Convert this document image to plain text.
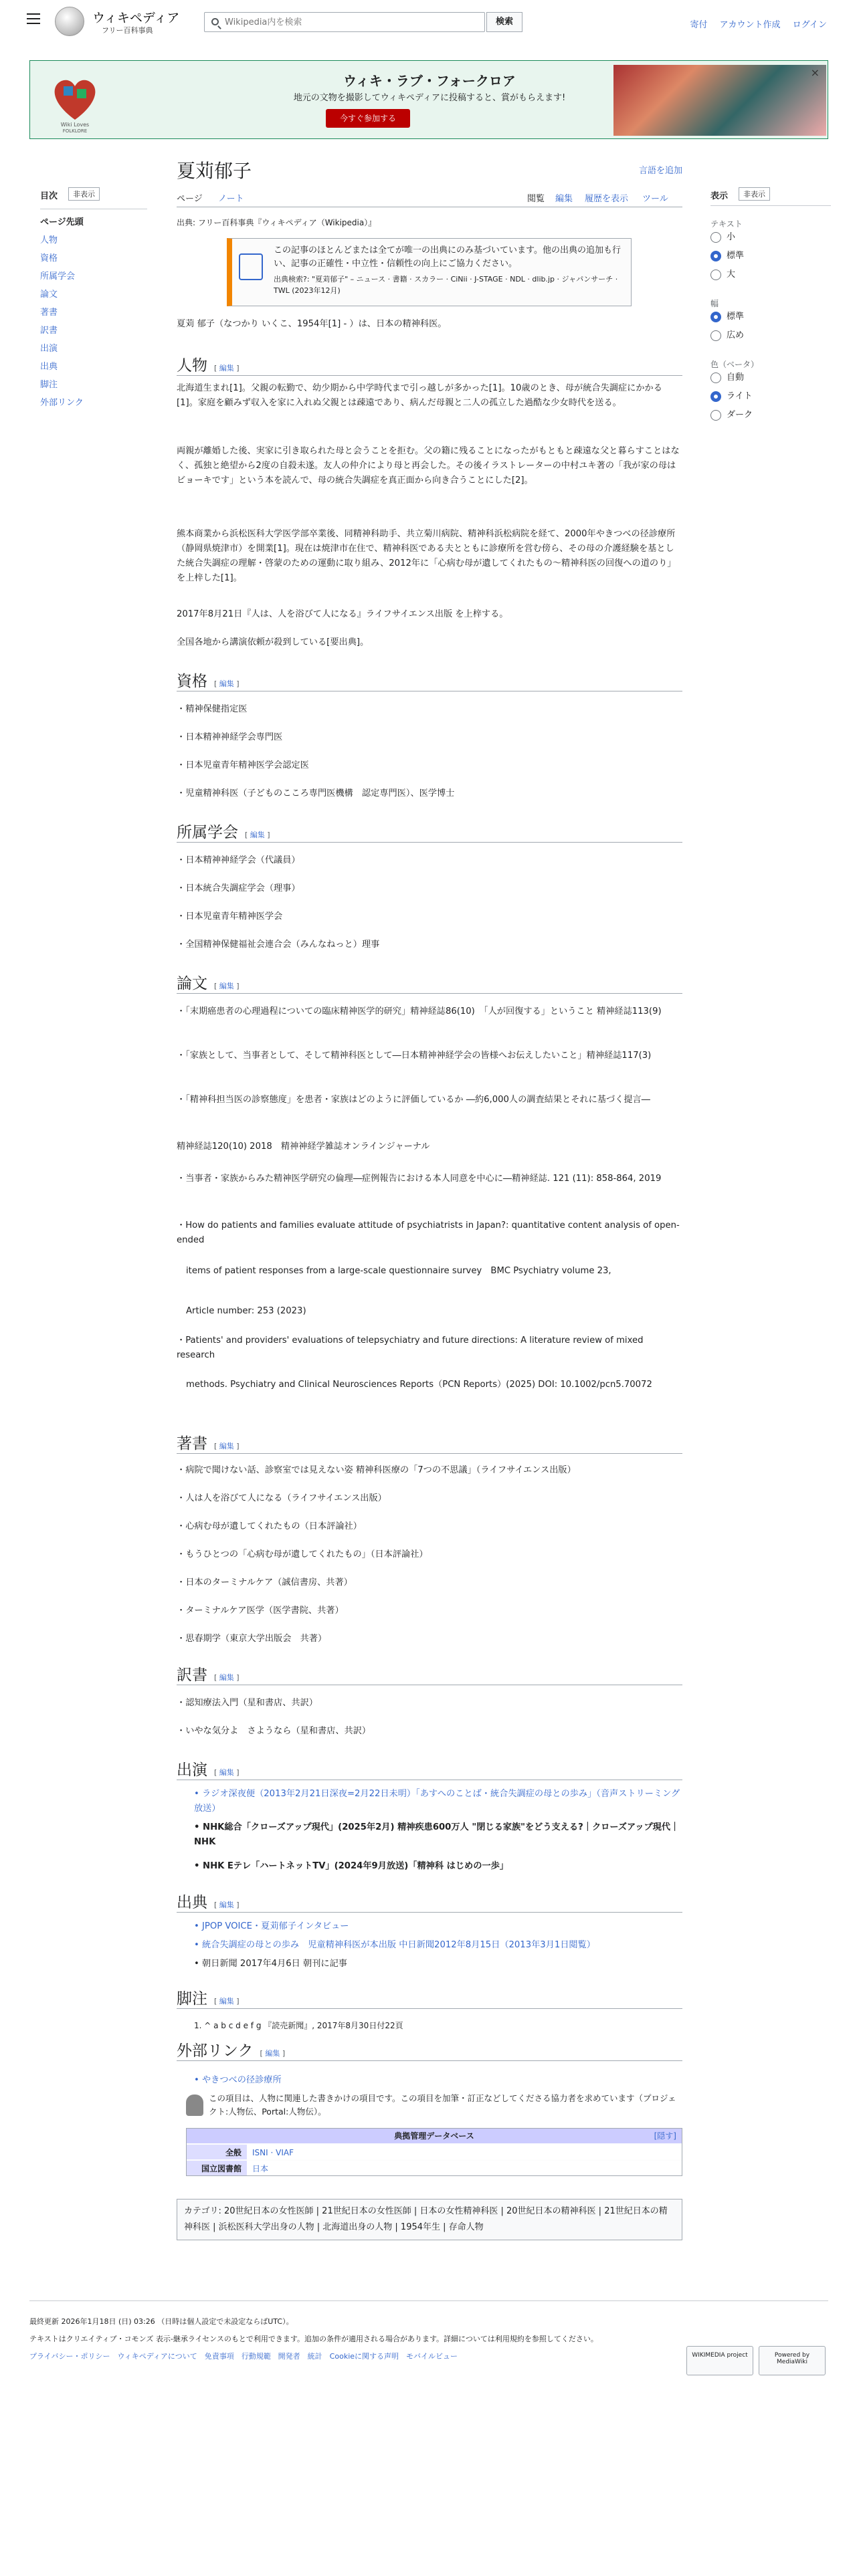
ウィキペディア
フリー百科事典
Wikipedia内を検索
検索	寄付 アカウント作成 ログイン
Wiki Loves
FOLKLORE
ウィキ・ラブ・フォークロア
地元の文物を撮影してウィキペディアに投稿すると、賞がもらえます!
今すぐ参加する
×
目次	非表示
ページ先頭
人物
資格
所属学会
論文
著書
訳書
出演
出典
脚注
外部リンク
表示	非表示
テキスト
小
標準
大
幅
標準
広め
色（ベータ）
自動
ライト
ダーク
夏苅郁子	言語を追加
ページ ノート	閲覧 編集 履歴を表示 ツール
出典: フリー百科事典『ウィキペディア（Wikipedia）』
この記事のほとんどまたは全てが唯一の出典にのみ基づいています。他の出典の追加も行い、記事の正確性・中立性・信頼性の向上にご協力ください。
出典検索?: "夏苅郁子" – ニュース · 書籍 · スカラー · CiNii · J-STAGE · NDL · dlib.jp · ジャパンサーチ · TWL (2023年12月)
夏苅 郁子（なつかり いくこ、1954年[1] - ）は、日本の精神科医。
人物 [ 編集 ]
北海道生まれ[1]。父親の転勤で、幼少期から中学時代まで引っ越しが多かった[1]。10歳のとき、母が統合失調症にかかる[1]。家庭を顧みず収入を家に入れぬ父親とは疎遠であり、病んだ母親と二人の孤立した過酷な少女時代を送る。
両親が離婚した後、実家に引き取られた母と会うことを拒む。父の籍に残ることになったがもともと疎遠な父と暮らすことはなく、孤独と絶望から2度の自殺未遂。友人の仲介により母と再会した。その後イラストレーターの中村ユキ著の「我が家の母はビョーキです」という本を読んで、母の統合失調症を真正面から向き合うことにした[2]。
熊本商業から浜松医科大学医学部卒業後、同精神科助手、共立菊川病院、精神科浜松病院を経て、2000年やきつべの径診療所（静岡県焼津市）を開業[1]。現在は焼津市在住で、精神科医である夫とともに診療所を営む傍ら、その母の介護経験を基とした統合失調症の理解・啓蒙のための運動に取り組み、2012年に「心病む母が遺してくれたもの〜精神科医の回復への道のり」を上梓した[1]。
2017年8月21日『人は、人を浴びて人になる』ライフサイエンス出版 を上梓する。
全国各地から講演依頼が殺到している[要出典]。
資格 [ 編集 ]
・精神保健指定医
・日本精神神経学会専門医
・日本児童青年精神医学会認定医
・児童精神科医（子どものこころ専門医機構　認定専門医）、医学博士
所属学会 [ 編集 ]
・日本精神神経学会（代議員）
・日本統合失調症学会（理事）
・日本児童青年精神医学会
・全国精神保健福祉会連合会（みんなねっと）理事
論文 [ 編集 ]
・「末期癌患者の心理過程についての臨床精神医学的研究」精神経誌86(10)　「人が回復する」ということ 精神経誌113(9)
・「家族として、当事者として、そして精神科医として―日本精神神経学会の皆様へお伝えしたいこと」精神経誌117(3)
・「精神科担当医の診察態度」を患者・家族はどのように評価しているか ―約6,000人の調査結果とそれに基づく提言―
精神経誌120(10) 2018　精神神経学雑誌オンラインジャーナル
・当事者・家族からみた精神医学研究の倫理―症例報告における本人同意を中心に―精神経誌. 121 (11): 858-864, 2019
・How do patients and families evaluate attitude of psychiatrists in Japan?: quantitative content analysis of open-ended
items of patient responses from a large-scale questionnaire survey　BMC Psychiatry volume 23,
Article number: 253 (2023)
・Patients' and providers' evaluations of telepsychiatry and future directions: A literature review of mixed research
methods. Psychiatry and Clinical Neurosciences Reports（PCN Reports）(2025) DOI: 10.1002/pcn5.70072
著書 [ 編集 ]
・病院で聞けない話、診察室では見えない姿 精神科医療の「7つの不思議」（ライフサイエンス出版）
・人は人を浴びて人になる（ライフサイエンス出版）
・心病む母が遺してくれたもの（日本評論社）
・もうひとつの「心病む母が遺してくれたもの」（日本評論社）
・日本のターミナルケア（誠信書房、共著）
・ターミナルケア医学（医学書院、共著）
・思春期学（東京大学出版会　共著）
訳書 [ 編集 ]
・認知療法入門（星和書店、共訳）
・いやな気分よ　さようなら（星和書店、共訳）
出演 [ 編集 ]
• ラジオ深夜便（2013年2月21日深夜=2月22日未明）「あすへのことば・統合失調症の母との歩み」（音声ストリーミング放送）
• NHK総合「クローズアップ現代」(2025年2月) 精神疾患600万人 "閉じる家族"をどう支える?｜クローズアップ現代｜NHK
• NHK Eテレ「ハートネットTV」(2024年9月放送)「精神科 はじめの一歩」
出典 [ 編集 ]
• JPOP VOICE・夏苅郁子インタビュー
• 統合失調症の母との歩み　児童精神科医が本出版 中日新聞2012年8月15日（2013年3月1日閲覧）
• 朝日新聞 2017年4月6日 朝刊に記事
脚注 [ 編集 ]
1. ^ a b c d e f g 『読売新聞』, 2017年8月30日付22頁
外部リンク [ 編集 ]
• やきつべの径診療所
この項目は、人物に関連した書きかけの項目です。この項目を加筆・訂正などしてくださる協力者を求めています（プロジェクト:人物伝、Portal:人物伝）。
典拠管理データベース	[隠す]
全般	ISNI · VIAF
国立図書館	日本
カテゴリ: 20世紀日本の女性医師 | 21世紀日本の女性医師 | 日本の女性精神科医 | 20世紀日本の精神科医 | 21世紀日本の精神科医 | 浜松医科大学出身の人物 | 北海道出身の人物 | 1954年生 | 存命人物
最終更新 2026年1月18日 (日) 03:26 （日時は個人設定で未設定ならばUTC）。
テキストはクリエイティブ・コモンズ 表示-継承ライセンスのもとで利用できます。追加の条件が適用される場合があります。詳細については利用規約を参照してください。
プライバシー・ポリシー　ウィキペディアについて　免責事項　行動規範　開発者　統計　Cookieに関する声明　モバイルビュー	WIKIMEDIA project	Powered by MediaWiki
